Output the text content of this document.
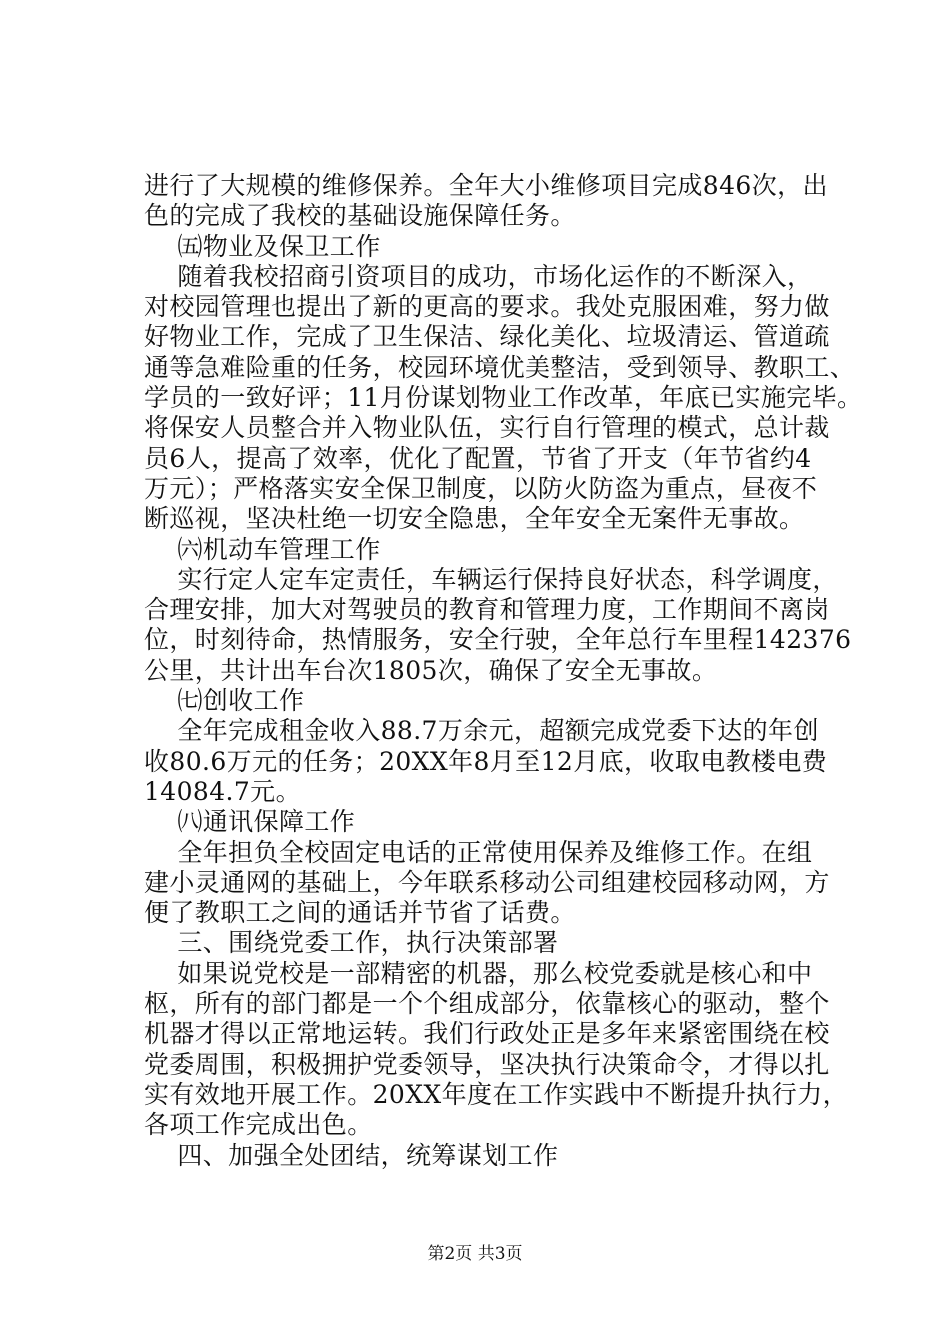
进行了大规模的维修保养。全年大小维修项目完成846次，出
色的完成了我校的基础设施保障任务。
㈤物业及保卫工作
随着我校招商引资项目的成功，市场化运作的不断深入，
对校园管理也提出了新的更高的要求。我处克服困难，努力做
好物业工作，完成了卫生保洁、绿化美化、垃圾清运、管道疏
通等急难险重的任务，校园环境优美整洁，受到领导、教职工、
学员的一致好评；11月份谋划物业工作改革，年底已实施完毕。
将保安人员整合并入物业队伍，实行自行管理的模式，总计裁
员6人，提高了效率，优化了配置，节省了开支（年节省约4
万元）；严格落实安全保卫制度，以防火防盗为重点，昼夜不
断巡视，坚决杜绝一切安全隐患，全年安全无案件无事故。
㈥机动车管理工作
实行定人定车定责任，车辆运行保持良好状态，科学调度，
合理安排，加大对驾驶员的教育和管理力度，工作期间不离岗
位，时刻待命，热情服务，安全行驶，全年总行车里程142376
公里，共计出车台次1805次，确保了安全无事故。
㈦创收工作
全年完成租金收入88.7万余元，超额完成党委下达的年创
收80.6万元的任务；20XX年8月至12月底，收取电教楼电费
14084.7元。
㈧通讯保障工作
全年担负全校固定电话的正常使用保养及维修工作。在组
建小灵通网的基础上，今年联系移动公司组建校园移动网，方
便了教职工之间的通话并节省了话费。
三、围绕党委工作，执行决策部署
如果说党校是一部精密的机器，那么校党委就是核心和中
枢，所有的部门都是一个个组成部分，依靠核心的驱动，整个
机器才得以正常地运转。我们行政处正是多年来紧密围绕在校
党委周围，积极拥护党委领导，坚决执行决策命令，才得以扎
实有效地开展工作。20XX年度在工作实践中不断提升执行力，
各项工作完成出色。
四、加强全处团结，统筹谋划工作
第2页 共3页
